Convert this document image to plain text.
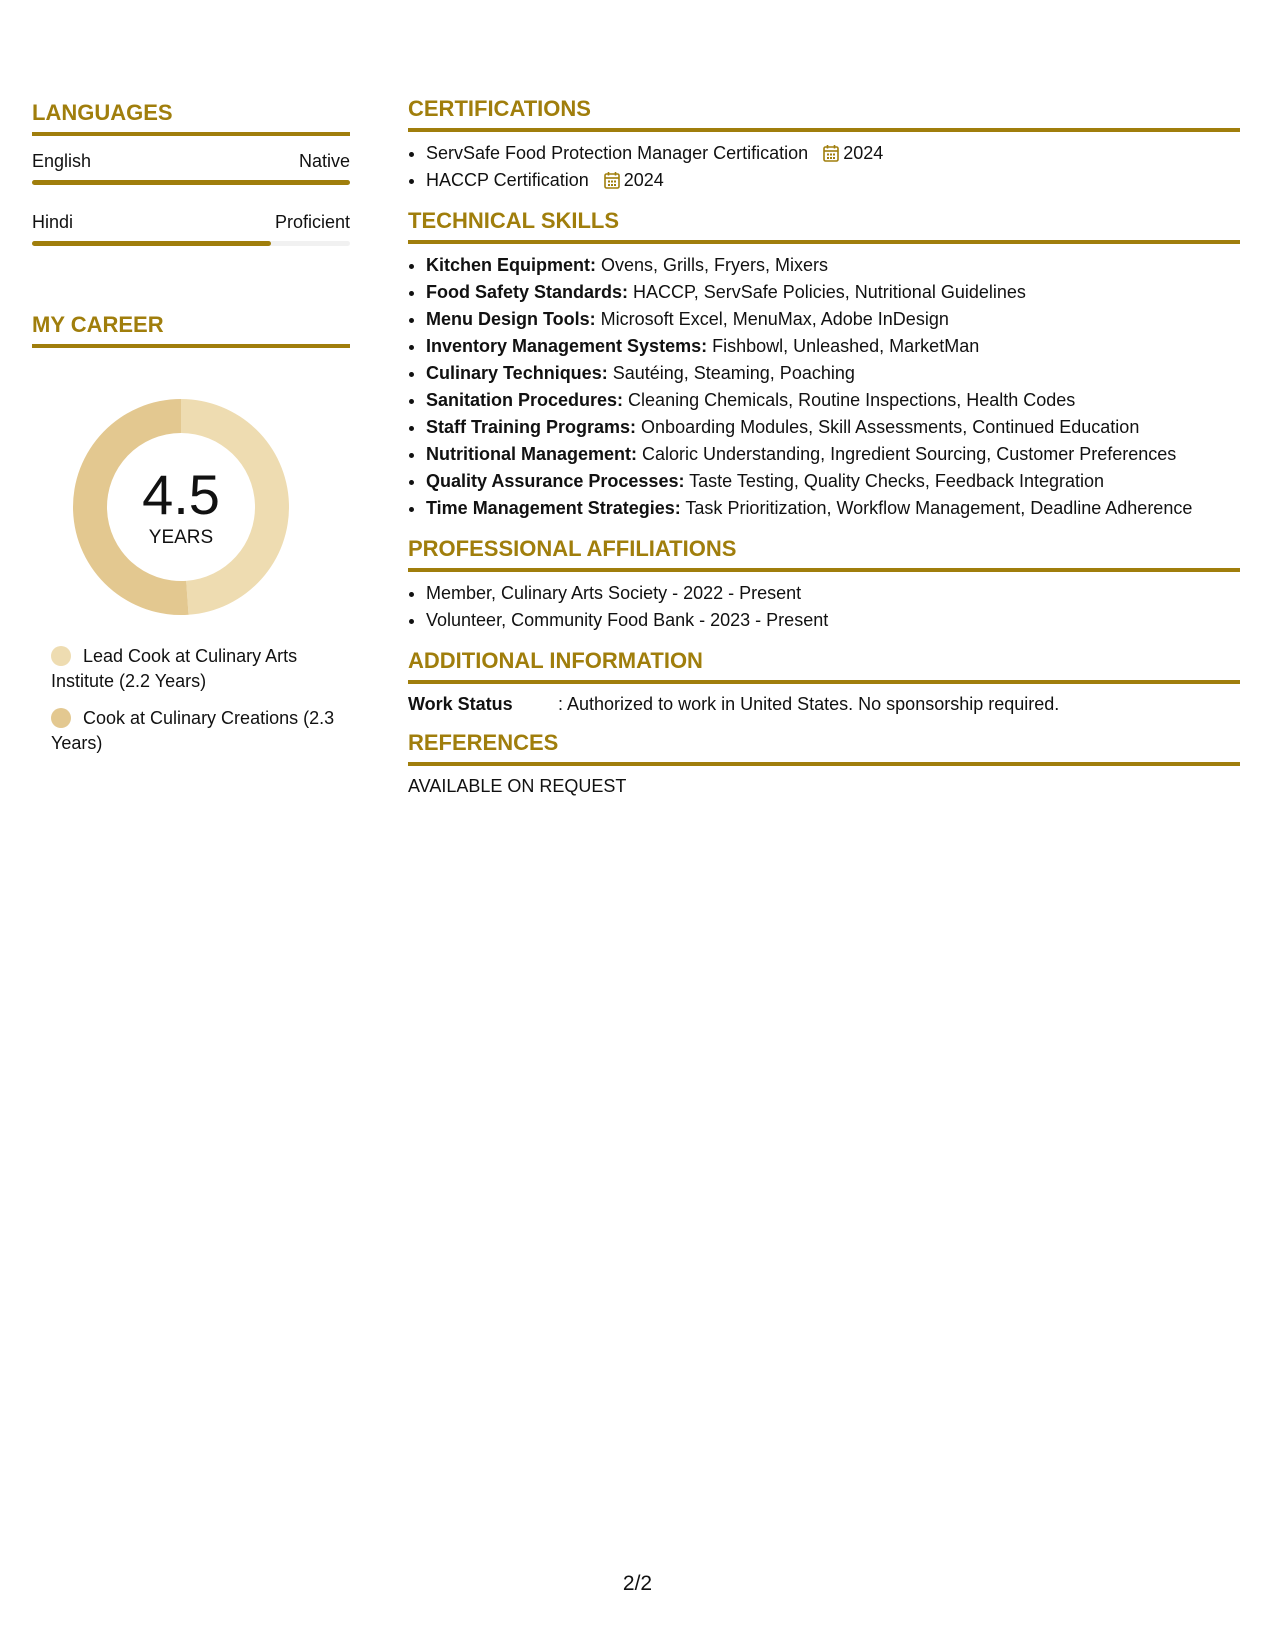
LANGUAGES
English	Native
Hindi	Proficient
MY CAREER
4.5
YEARS
Lead Cook at Culinary Arts Institute (2.2 Years)
Cook at Culinary Creations (2.3 Years)
CERTIFICATIONS
• ServSafe Food Protection Manager Certification 2024
• HACCP Certification 2024
TECHNICAL SKILLS
• Kitchen Equipment: Ovens, Grills, Fryers, Mixers
• Food Safety Standards: HACCP, ServSafe Policies, Nutritional Guidelines
• Menu Design Tools: Microsoft Excel, MenuMax, Adobe InDesign
• Inventory Management Systems: Fishbowl, Unleashed, MarketMan
• Culinary Techniques: Sautéing, Steaming, Poaching
• Sanitation Procedures: Cleaning Chemicals, Routine Inspections, Health Codes
• Staff Training Programs: Onboarding Modules, Skill Assessments, Continued Education
• Nutritional Management: Caloric Understanding, Ingredient Sourcing, Customer Preferences
• Quality Assurance Processes: Taste Testing, Quality Checks, Feedback Integration
• Time Management Strategies: Task Prioritization, Workflow Management, Deadline Adherence
PROFESSIONAL AFFILIATIONS
• Member, Culinary Arts Society - 2022 - Present
• Volunteer, Community Food Bank - 2023 - Present
ADDITIONAL INFORMATION
Work Status	: Authorized to work in United States. No sponsorship required.
REFERENCES
AVAILABLE ON REQUEST
2/2
